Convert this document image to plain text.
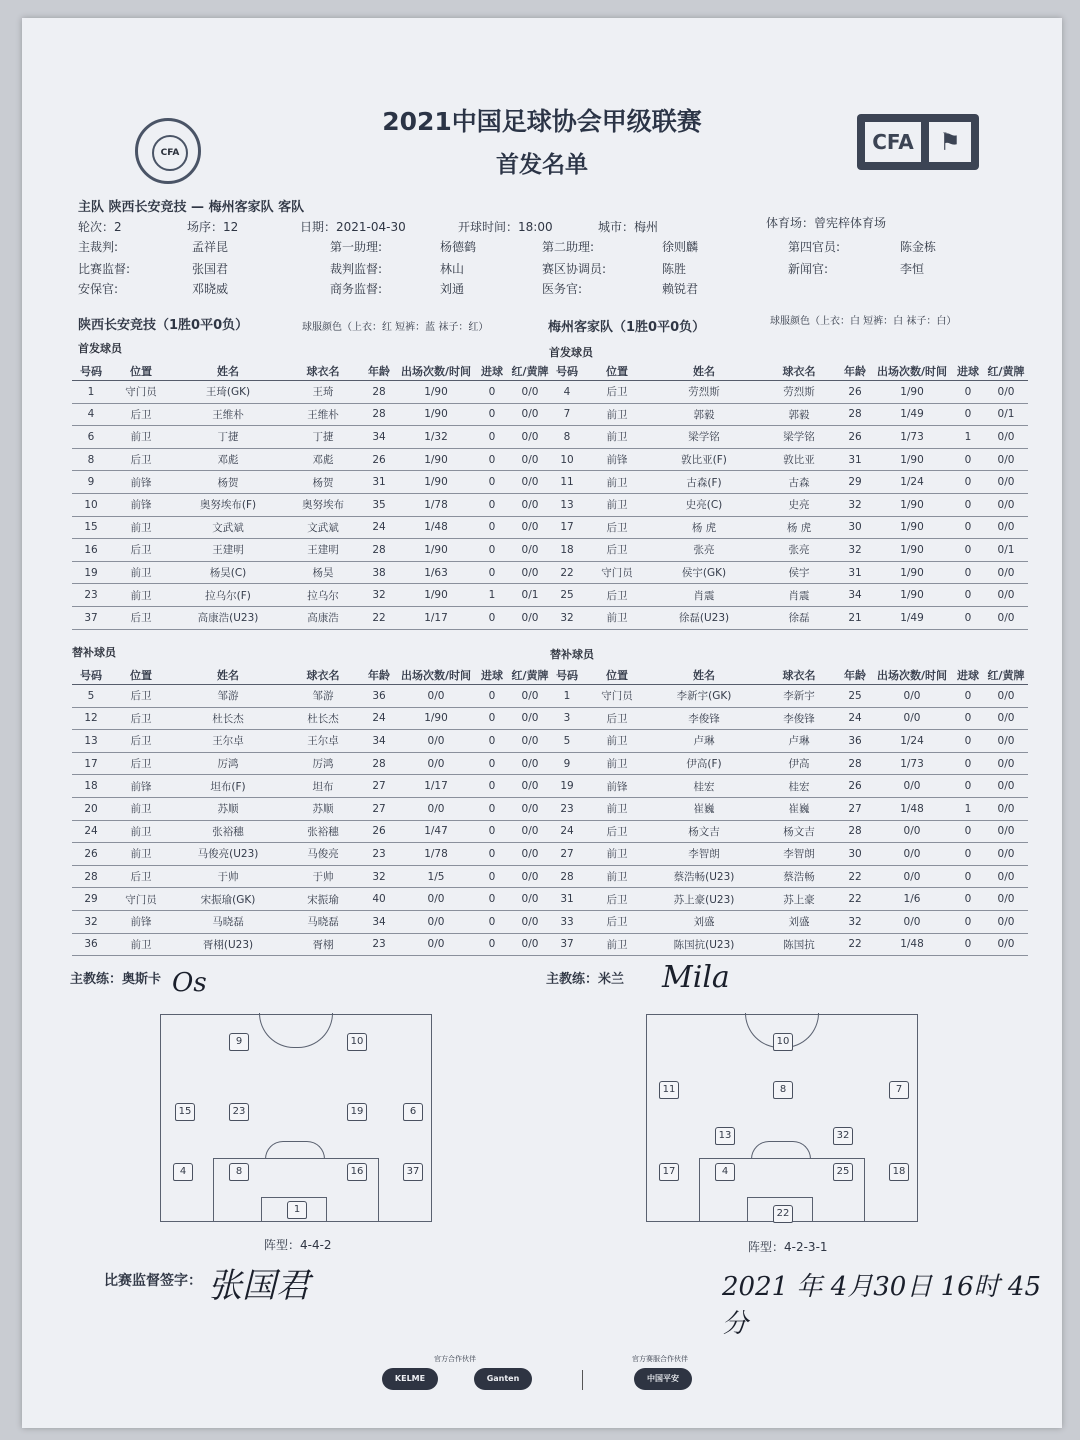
CFA	CFA	⚑
2021中国足球协会甲级联赛
首发名单
主队 陕西长安竞技 — 梅州客家队 客队
轮次：2	场序：12	日期：2021-04-30	开球时间：18:00	城市：梅州	体育场：曾宪梓体育场
主裁判:	孟祥昆	第一助理:	杨德鹤	第二助理:	徐则麟	第四官员:	陈金栋
比赛监督:	张国君	裁判监督:	林山	赛区协调员:	陈胜	新闻官:	李恒
安保官:	邓晓威	商务监督:	刘通	医务官:	赖锐君
陕西长安竞技（1胜0平0负）	球服颜色（上衣：红 短裤：蓝 袜子：红）
首发球员
梅州客家队（1胜0平0负）	球服颜色（上衣：白 短裤：白 袜子：白）
首发球员
号码	位置	姓名	球衣名	年龄	出场次数/时间	进球	红/黄牌
1	守门员	王琦(GK)	王琦	28	1/90	0	0/0
4	后卫	王维朴	王维朴	28	1/90	0	0/0
6	前卫	丁捷	丁捷	34	1/32	0	0/0
8	后卫	邓彪	邓彪	26	1/90	0	0/0
9	前锋	杨贺	杨贺	31	1/90	0	0/0
10	前锋	奥努埃布(F)	奥努埃布	35	1/78	0	0/0
15	前卫	文武斌	文武斌	24	1/48	0	0/0
16	后卫	王建明	王建明	28	1/90	0	0/0
19	前卫	杨昊(C)	杨昊	38	1/63	0	0/0
23	前卫	拉乌尔(F)	拉乌尔	32	1/90	1	0/1
37	后卫	高康浩(U23)	高康浩	22	1/17	0	0/0
号码	位置	姓名	球衣名	年龄	出场次数/时间	进球	红/黄牌
4	后卫	劳烈斯	劳烈斯	26	1/90	0	0/0
7	前卫	郭毅	郭毅	28	1/49	0	0/1
8	前卫	梁学铭	梁学铭	26	1/73	1	0/0
10	前锋	敦比亚(F)	敦比亚	31	1/90	0	0/0
11	前卫	古森(F)	古森	29	1/24	0	0/0
13	前卫	史亮(C)	史亮	32	1/90	0	0/0
17	后卫	杨 虎	杨 虎	30	1/90	0	0/0
18	后卫	张亮	张亮	32	1/90	0	0/1
22	守门员	侯宇(GK)	侯宇	31	1/90	0	0/0
25	后卫	肖震	肖震	34	1/90	0	0/0
32	前卫	徐磊(U23)	徐磊	21	1/49	0	0/0
替补球员	替补球员
号码	位置	姓名	球衣名	年龄	出场次数/时间	进球	红/黄牌
5	后卫	邹游	邹游	36	0/0	0	0/0
12	后卫	杜长杰	杜长杰	24	1/90	0	0/0
13	后卫	王尔卓	王尔卓	34	0/0	0	0/0
17	后卫	厉鸿	厉鸿	28	0/0	0	0/0
18	前锋	坦布(F)	坦布	27	1/17	0	0/0
20	前卫	苏顺	苏顺	27	0/0	0	0/0
24	前卫	张裕穗	张裕穗	26	1/47	0	0/0
26	前卫	马俊亮(U23)	马俊亮	23	1/78	0	0/0
28	后卫	于帅	于帅	32	1/5	0	0/0
29	守门员	宋振瑜(GK)	宋振瑜	40	0/0	0	0/0
32	前锋	马晓磊	马晓磊	34	0/0	0	0/0
36	前卫	胥栩(U23)	胥栩	23	0/0	0	0/0
号码	位置	姓名	球衣名	年龄	出场次数/时间	进球	红/黄牌
1	守门员	李新宇(GK)	李新宇	25	0/0	0	0/0
3	后卫	李俊锋	李俊锋	24	0/0	0	0/0
5	前卫	卢琳	卢琳	36	1/24	0	0/0
9	前卫	伊高(F)	伊高	28	1/73	0	0/0
19	前锋	桂宏	桂宏	26	0/0	0	0/0
23	前卫	崔巍	崔巍	27	1/48	1	0/0
24	后卫	杨文吉	杨文吉	28	0/0	0	0/0
27	前卫	李智朗	李智朗	30	0/0	0	0/0
28	前卫	蔡浩畅(U23)	蔡浩畅	22	0/0	0	0/0
31	后卫	苏上豪(U23)	苏上豪	22	1/6	0	0/0
33	后卫	刘盛	刘盛	32	0/0	0	0/0
37	前卫	陈国抗(U23)	陈国抗	22	1/48	0	0/0
主教练：奥斯卡 Os	主教练：米兰 Mila
9	10
15	23	19	6
4	8	16	37
1
阵型：4-4-2
10
11	8	7
13	32
17	4	25	18
22
阵型：4-2-3-1
比赛监督签字： 张国君	2021 年 4月30日 16时 45分
官方合作伙伴	官方赛服合作伙伴
KELME	Ganten	中国平安
